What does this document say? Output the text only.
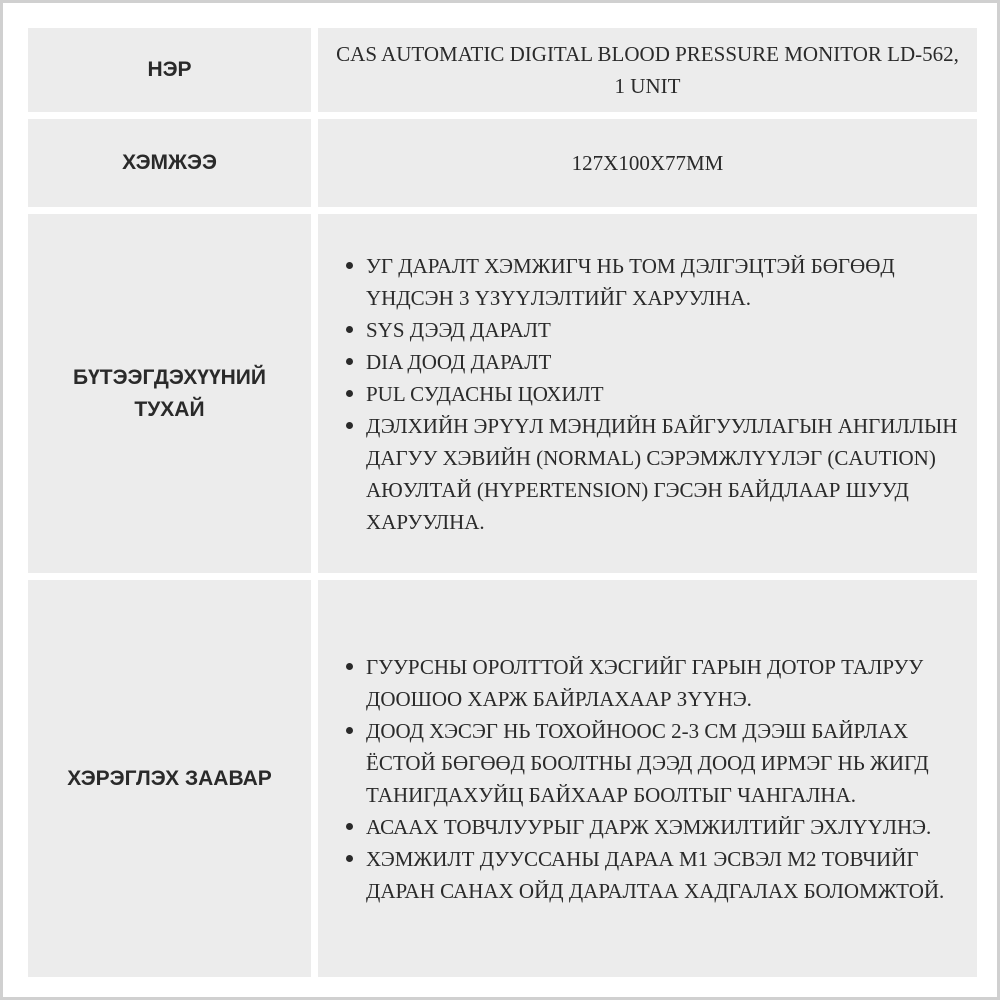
НЭР
CAS AUTOMATIC DIGITAL BLOOD PRESSURE MONITOR LD-562, 1 UNIT
ХЭМЖЭЭ	127X100X77MM
БҮТЭЭГДЭХҮҮНИЙ ТУХАЙ
УГ ДАРАЛТ ХЭМЖИГЧ НЬ ТОМ ДЭЛГЭЦТЭЙ БӨГӨӨД ҮНДСЭН 3 ҮЗҮҮЛЭЛТИЙГ ХАРУУЛНА.
SYS ДЭЭД ДАРАЛТ
DIA ДООД ДАРАЛТ
PUL СУДАСНЫ ЦОХИЛТ
ДЭЛХИЙН ЭРҮҮЛ МЭНДИЙН БАЙГУУЛЛАГЫН АНГИЛЛЫН ДАГУУ ХЭВИЙН (NORMAL) СЭРЭМЖЛҮҮЛЭГ (CAUTION) АЮУЛТАЙ (HYPERTENSION) ГЭСЭН БАЙДЛААР ШУУД ХАРУУЛНА.
ХЭРЭГЛЭХ ЗААВАР
ГУУРСНЫ ОРОЛТТОЙ ХЭСГИЙГ ГАРЫН ДОТОР ТАЛРУУ ДООШОО ХАРЖ БАЙРЛАХААР ЗҮҮНЭ.
ДООД ХЭСЭГ НЬ ТОХОЙНООС 2-3 СМ ДЭЭШ БАЙРЛАХ ЁСТОЙ БӨГӨӨД БООЛТНЫ ДЭЭД ДООД ИРМЭГ НЬ ЖИГД ТАНИГДАХУЙЦ БАЙХААР БООЛТЫГ ЧАНГАЛНА.
АСААХ ТОВЧЛУУРЫГ ДАРЖ ХЭМЖИЛТИЙГ ЭХЛҮҮЛНЭ.
ХЭМЖИЛТ ДУУССАНЫ ДАРАА M1 ЭСВЭЛ M2 ТОВЧИЙГ ДАРАН САНАХ ОЙД ДАРАЛТАА ХАДГАЛАХ БОЛОМЖТОЙ.
